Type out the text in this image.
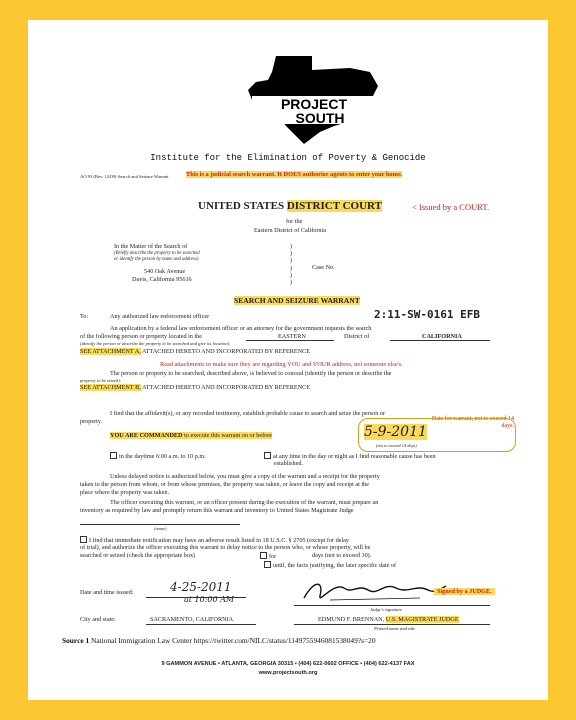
PROJECT
SOUTH
Institute for the Elimination of Poverty & Genocide
AO 93 (Rev. 12/09) Search and Seizure Warrant	This is a judicial search warrant. It DOES authorize agents to enter your home.
UNITED STATES DISTRICT COURT	< Issued by a COURT.
for the
Eastern District of California
In the Matter of the Search of
(Briefly describe the property to be searched
or identify the person by name and address)
540 Oak Avenue
Davis, California 95616
)
)
)
)
)
)
Case No.
SEARCH AND SEIZURE WARRANT
To:	Any authorized law enforcement officer	2:11-SW-0161 EFB
An application by a federal law enforcement officer or an attorney for the government requests the search
of the following person or property located in the	EASTERN	District of	CALIFORNIA
(identify the person or describe the property to be searched and give its location):
SEE ATTACHMENT A, ATTACHED HERETO AND INCORPORATED BY REFERENCE
Read attachments to make sure they are regarding YOU and YOUR address, not someone else's.
The person or property to be searched, described above, is believed to conceal (identify the person or describe the
property to be seized):
SEE ATTACHMENT B, ATTACHED HERETO AND INCORPORATED BY REFERENCE
I find that the affidavit(s), or any recorded testimony, establish probable cause to search and seize the person or
property.	Date for warrant, not to exceed 14 days.
YOU ARE COMMANDED to execute this warrant on or before	5-9-2011
(not to exceed 14 days)
in the daytime 6:00 a.m. to 10 p.m.	at any time in the day or night as I find reasonable cause has been
established.
Unless delayed notice is authorized below, you must give a copy of the warrant and a receipt for the property
taken to the person from whom, or from whose premises, the property was taken, or leave the copy and receipt at the
place where the property was taken.
The officer executing this warrant, or an officer present during the execution of the warrant, must prepare an
inventory as required by law and promptly return this warrant and inventory to United States Magistrate Judge
(name)
I find that immediate notification may have an adverse result listed in 18 U.S.C. § 2705 (except for delay
of trial), and authorize the officer executing this warrant to delay notice to the person who, or whose property, will be
searched or seized (check the appropriate box)	for	days (not to exceed 30).
until, the facts justifying, the later specific date of
Date and time issued:	4-25-2011
at 10:00 AM
Judge's signature
Signed by a JUDGE.
City and state:	SACRAMENTO, CALIFORNIA	EDMUND F. BRENNAN, U.S. MAGISTRATE JUDGE
Printed name and title
Source 1 National Immigration Law Center https://twitter.com/NILC/status/114975594608153804​9?s=20
9 GAMMON AVENUE • ATLANTA, GEORGIA 30315 • (404) 622-0602 OFFICE • (404) 622-4137 FAX
www.projectsouth.org
